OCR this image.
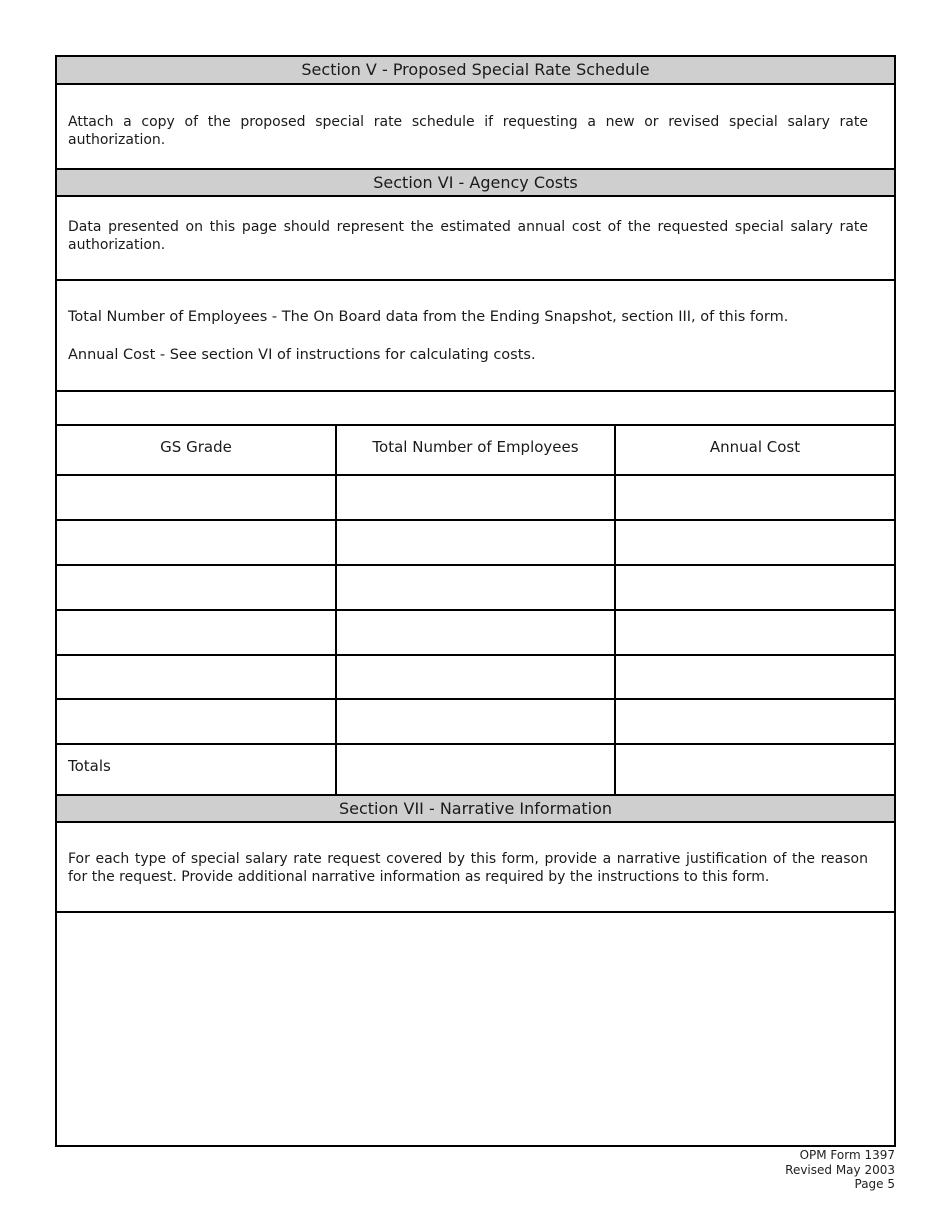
Section V - Proposed Special Rate Schedule
Attach a copy of the proposed special rate schedule if requesting a new or revised special salary rate authorization.
Section VI - Agency Costs
Data presented on this page should represent the estimated annual cost of the requested special salary rate authorization.
Total Number of Employees - The On Board data from the Ending Snapshot, section III, of this form.
Annual Cost - See section VI of instructions for calculating costs.
GS Grade	Total Number of Employees	Annual Cost
Totals
Section VII - Narrative Information
For each type of special salary rate request covered by this form, provide a narrative justification of the reason for the request. Provide additional narrative information as required by the instructions to this form.
OPM Form 1397
Revised May 2003
Page 5
